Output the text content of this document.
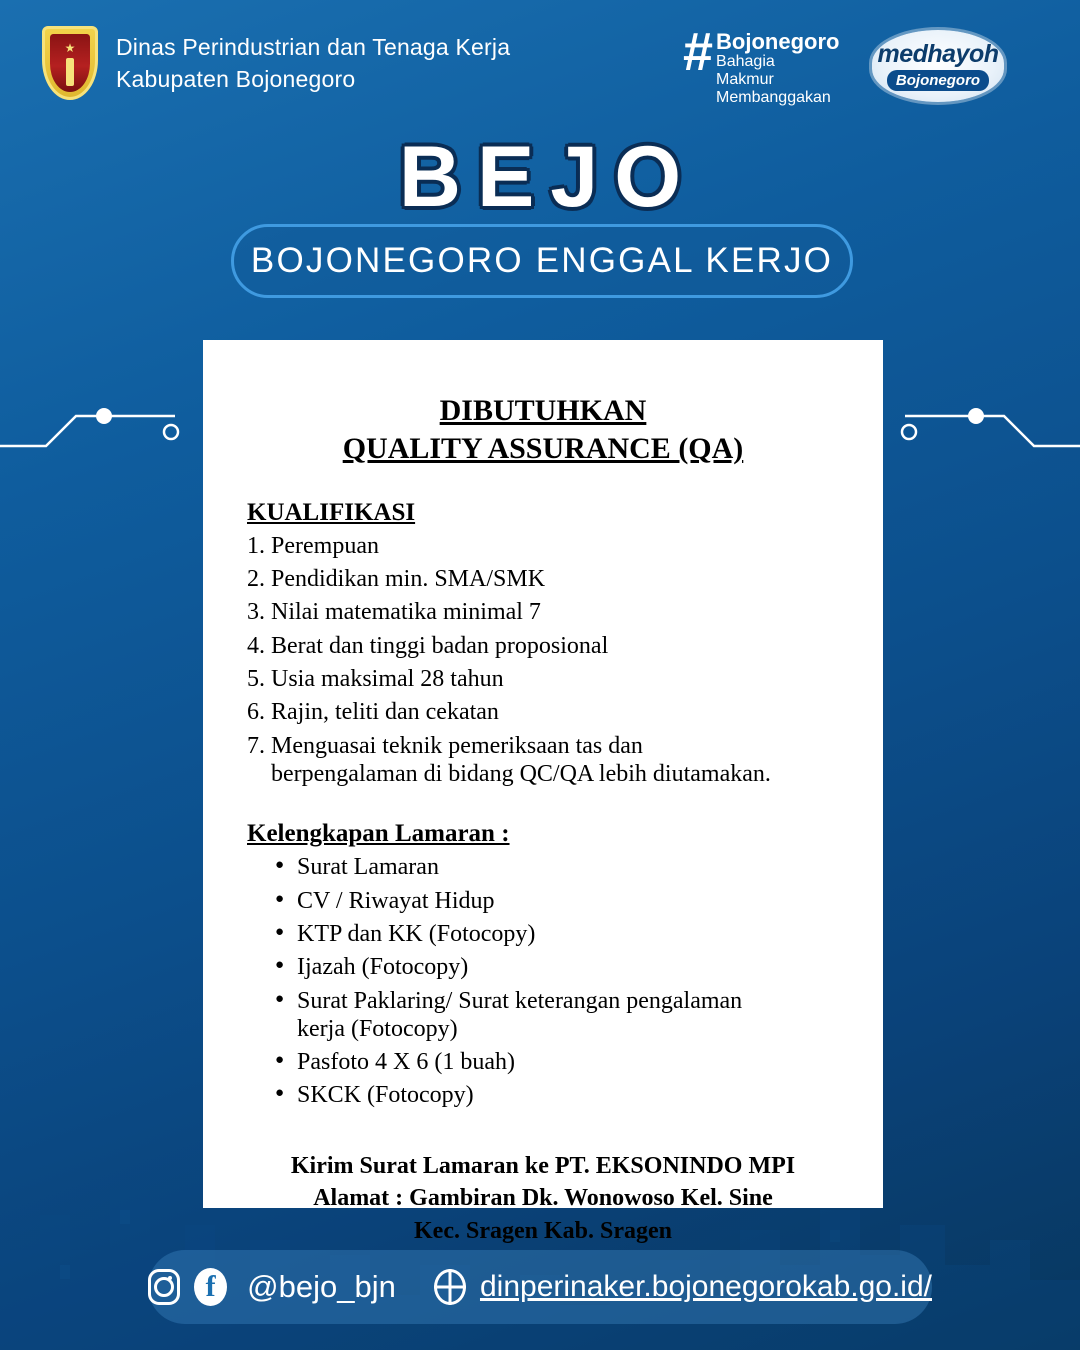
★ Dinas Perindustrian dan Tenaga Kerja
Kabupaten Bojonegoro	# Bojonegoro
Bahagia
Makmur
Membanggakan
medhayoh
Bojonegoro
BEJO
BOJONEGORO ENGGAL KERJO
DIBUTUHKAN
QUALITY ASSURANCE (QA)
KUALIFIKASI
1. Perempuan
2. Pendidikan min. SMA/SMK
3. Nilai matematika minimal 7
4. Berat dan tinggi badan proposional
5. Usia maksimal 28 tahun
6. Rajin, teliti dan cekatan
7. Menguasai teknik pemeriksaan tas dan
berpengalaman di bidang QC/QA lebih diutamakan.
Kelengkapan Lamaran :
● Surat Lamaran
● CV / Riwayat Hidup
● KTP dan KK (Fotocopy)
● Ijazah (Fotocopy)
● Surat Paklaring/ Surat keterangan pengalaman
kerja (Fotocopy)
● Pasfoto 4 X 6 (1 buah)
● SKCK (Fotocopy)
Kirim Surat Lamaran ke PT. EKSONINDO MPI
Alamat : Gambiran Dk. Wonowoso Kel. Sine
Kec. Sragen Kab. Sragen
f	@bejo_bjn	dinperinaker.bojonegorokab.go.id/
